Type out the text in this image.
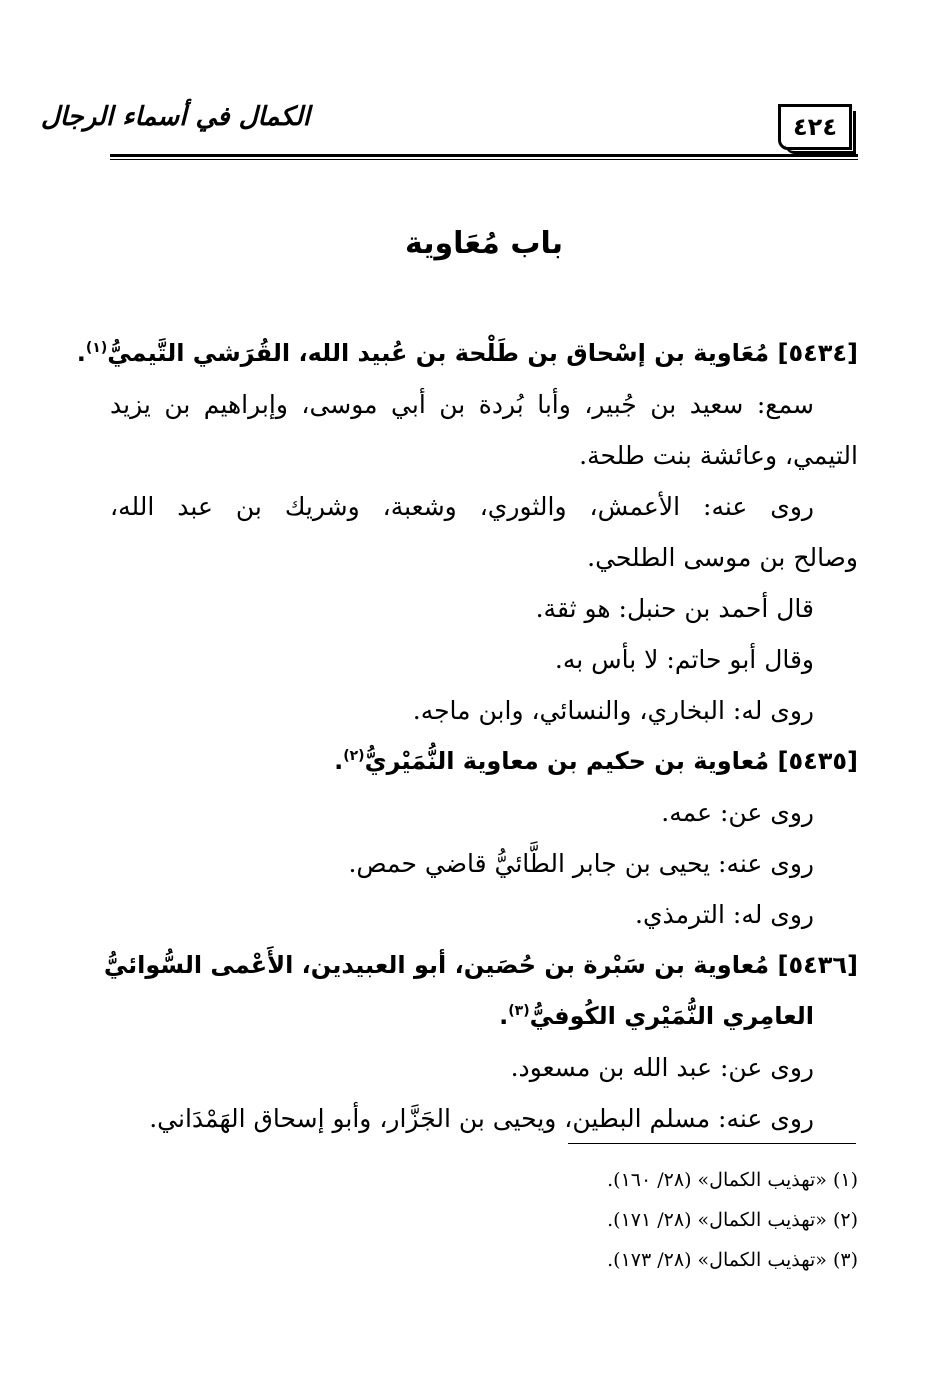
٤٢٤
الكمال في أسماء الرجال
باب مُعَاوية
[٥٤٣٤] مُعَاوية بن إسْحاق بن طَلْحة بن عُبيد الله، القُرَشي التَّيميُّ$^{(١)}$.
سمع: سعيد بن جُبير، وأبا بُردة بن أبي موسى، وإبراهيم بن يزيد
التيمي، وعائشة بنت طلحة.
روى عنه: الأعمش، والثوري، وشعبة، وشريك بن عبد الله،
وصالح بن موسى الطلحي.
قال أحمد بن حنبل: هو ثقة.
وقال أبو حاتم: لا بأس به.
روى له: البخاري، والنسائي، وابن ماجه.
[٥٤٣٥] مُعاوية بن حكيم بن معاوية النُّمَيْريُّ$^{(٢)}$.
روى عن: عمه.
روى عنه: يحيى بن جابر الطَّائيُّ قاضي حمص.
روى له: الترمذي.
[٥٤٣٦] مُعاوية بن سَبْرة بن حُصَين، أبو العبيدين، الأَعْمى السُّوائيُّ
العامِري النُّمَيْري الكُوفيُّ$^{(٣)}$.
روى عن: عبد الله بن مسعود.
روى عنه: مسلم البطين، ويحيى بن الجَزَّار، وأبو إسحاق الهَمْدَاني.
(١) «تهذيب الكمال» (٢٨/ ١٦٠).
(٢) «تهذيب الكمال» (٢٨/ ١٧١).
(٣) «تهذيب الكمال» (٢٨/ ١٧٣).
